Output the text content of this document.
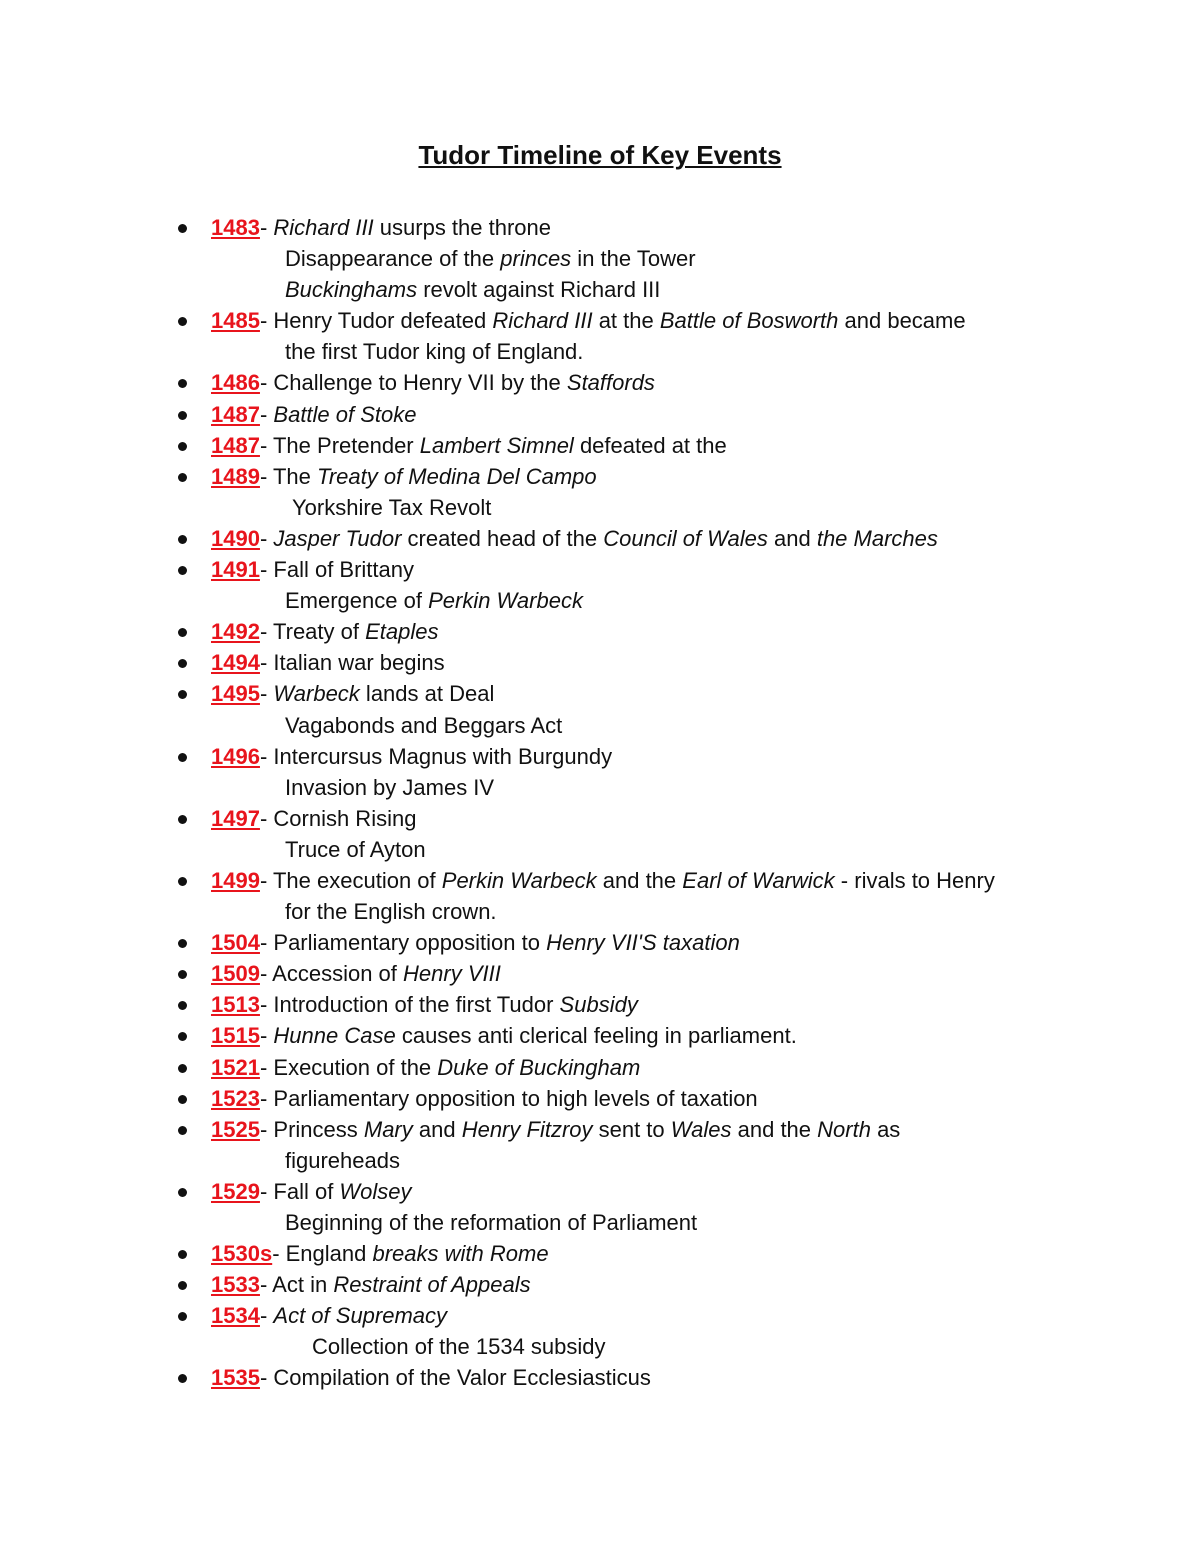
Tudor Timeline of Key Events
1483 - Richard III usurps the throne
Disappearance of the princes in the Tower
Buckinghams revolt against Richard III
1485 - Henry Tudor defeated Richard III at the Battle of Bosworth and became
the first Tudor king of England.
1486 - Challenge to Henry VII by the Staffords
1487 - Battle of Stoke
1487 - The Pretender Lambert Simnel defeated at the
1489 - The Treaty of Medina Del Campo
Yorkshire Tax Revolt
1490 - Jasper Tudor created head of the Council of Wales and the Marches
1491 - Fall of Brittany
Emergence of Perkin Warbeck
1492 - Treaty of Etaples
1494 - Italian war begins
1495 - Warbeck lands at Deal
Vagabonds and Beggars Act
1496 - Intercursus Magnus with Burgundy
Invasion by James IV
1497 - Cornish Rising
Truce of Ayton
1499 - The execution of Perkin Warbeck and the Earl of Warwick - rivals to Henry
for the English crown.
1504 - Parliamentary opposition to Henry VII'S taxation
1509 - Accession of Henry VIII
1513 - Introduction of the first Tudor Subsidy
1515 - Hunne Case causes anti clerical feeling in parliament.
1521 - Execution of the Duke of Buckingham
1523 - Parliamentary opposition to high levels of taxation
1525 - Princess Mary and Henry Fitzroy sent to Wales and the North as
figureheads
1529 - Fall of Wolsey
Beginning of the reformation of Parliament
1530s - England breaks with Rome
1533 - Act in Restraint of Appeals
1534 - Act of Supremacy
Collection of the 1534 subsidy
1535 - Compilation of the Valor Ecclesiasticus
